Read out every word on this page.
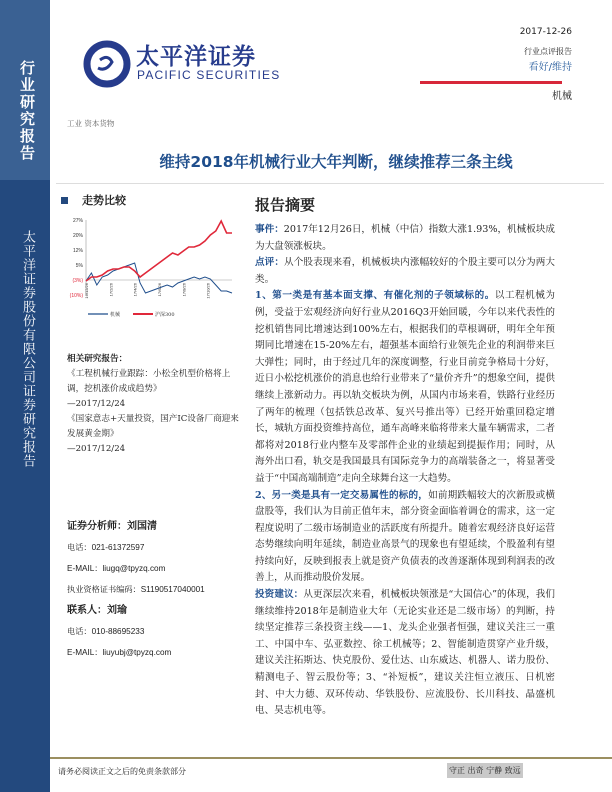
行业研究报告
太平洋证券股份有限公司证券研究报告
太平洋证券
PACIFIC SECURITIES
2017-12-26
行业点评报告
看好/维持
机械
工业 资本货物
维持2018年机械行业大年判断，继续推荐三条主线
走势比较
27%
20%
12%
5%
(3%)
(10%) 16/12/26	17/2/26	17/4/26	17/6/26	17/8/26	17/10/26
机械	沪深300
相关研究报告：
《工程机械行业跟踪：小松全机型价格将上调，挖机涨价成成趋势》
—2017/12/24
《国家意志+天量投资，国产IC设备厂商迎来发展黄金期》
—2017/12/24
证券分析师：刘国清
电话：021-61372597
E-MAIL：liugq@tpyzq.com
执业资格证书编码：S1190517040001
联系人：刘瑜
电话：010-88695233
E-MAIL：liuyubj@tpyzq.com
报告摘要

事件：2017年12月26日，机械（中信）指数大涨1.93%，机械板块成为大盘领涨板块。

点评：从个股表现来看，机械板块内涨幅较好的个股主要可以分为两大类。

1、第一类是有基本面支撑、有催化剂的子领域标的。以工程机械为例，受益于宏观经济向好行业从2016Q3开始回暖，今年以来代表性的挖机销售同比增速达到100%左右，根据我们的草根调研，明年全年预期同比增速在15-20%左右，超强基本面给行业领先企业的利润带来巨大弹性；同时，由于经过几年的深度调整，行业目前竞争格局十分好，近日小松挖机涨价的消息也给行业带来了“量价齐升”的想象空间，提供继续上涨新动力。再以轨交板块为例，从国内市场来看，铁路行业经历了两年的梳理（包括铁总改革、复兴号推出等）已经开始重回稳定增长，城轨方面投资维持高位，通车高峰来临将带来大量车辆需求，二者都将对2018行业内整车及零部件企业的业绩起到提振作用；同时，从海外出口看，轨交是我国最具有国际竞争力的高端装备之一，将显著受益于“中国高端制造”走向全球舞台这一大趋势。

2、另一类是具有一定交易属性的标的，如前期跌幅较大的次新股或横盘股等，我们认为目前正值年末，部分资金面临着调仓的需求，这一定程度说明了二级市场制造业的活跃度有所提升。随着宏观经济良好运营态势继续向明年延续，制造业高景气的现象也有望延续，个股盈利有望持续向好，反映到报表上就是资产负债表的改善逐渐体现到利润表的改善上，从而推动股价发展。

投资建议：从更深层次来看，机械板块领涨是“大国信心”的体现，我们继续维持2018年是制造业大年（无论实业还是二级市场）的判断，持续坚定推荐三条投资主线——1、龙头企业强者恒强，建议关注三一重工、中国中车、弘亚数控、徐工机械等；2、智能制造贯穿产业升级，建议关注拓斯达、快克股份、爱仕达、山东威达、机器人、诺力股份、精测电子、智云股份等；3、“补短板”，建议关注恒立液压、日机密封、中大力德、双环传动、华铁股份、应流股份、长川科技、晶盛机电、昊志机电等。

请务必阅读正文之后的免责条款部分	守正 出奇 宁静 致远
